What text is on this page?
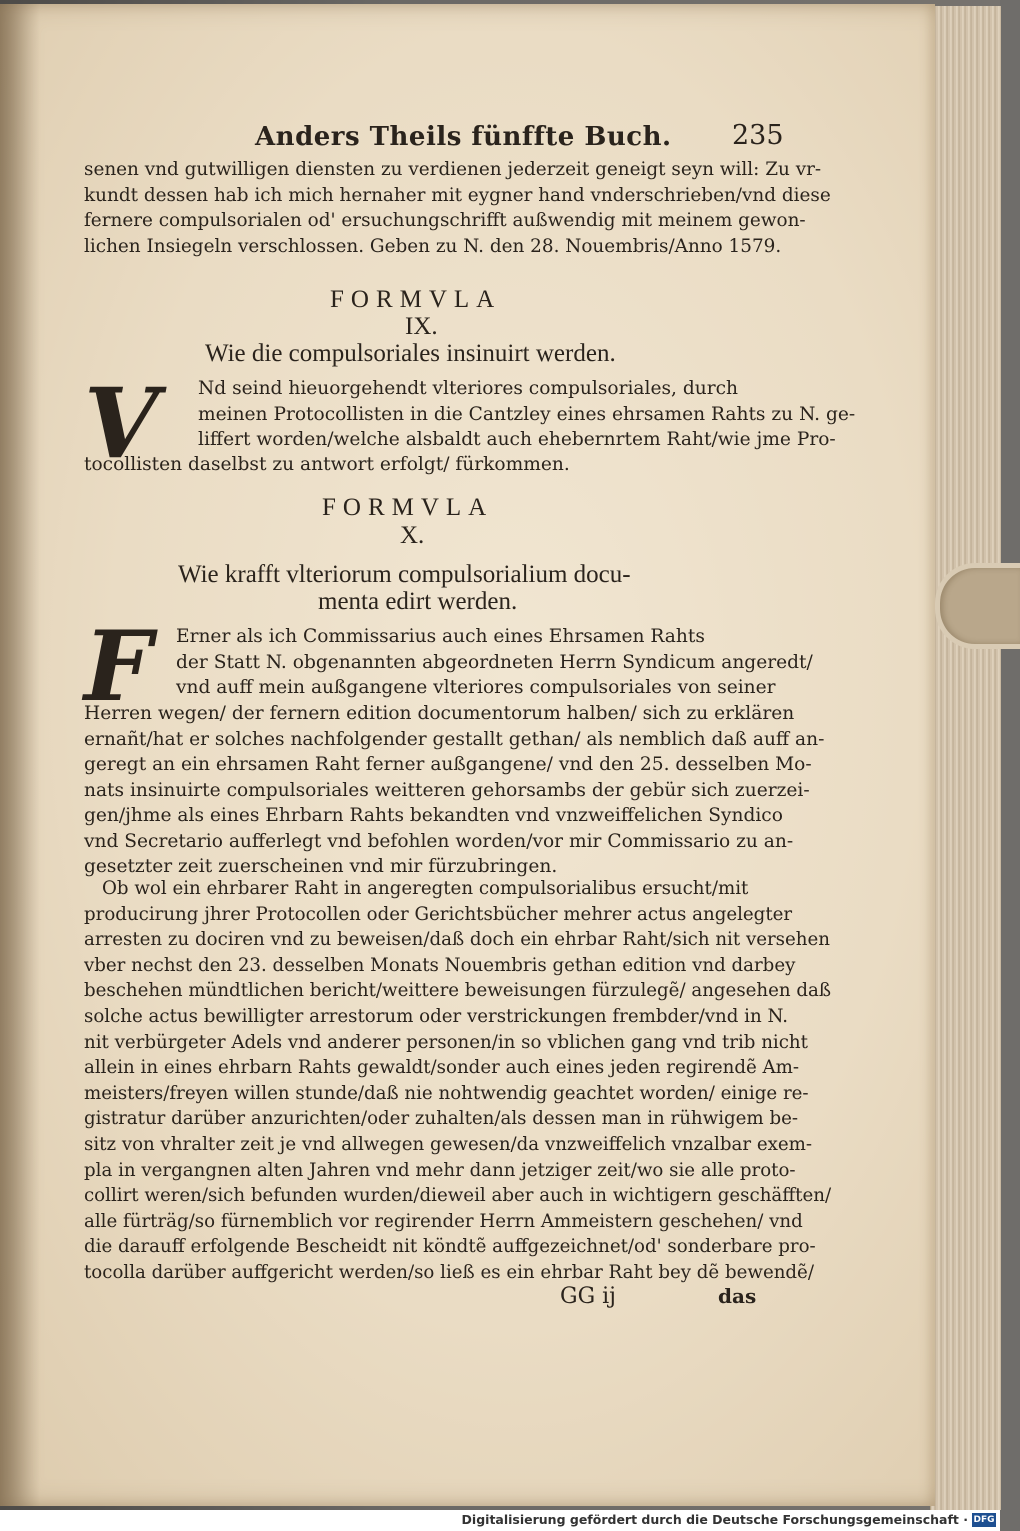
Anders Theils fünffte Buch.	235
senen vnd gutwilligen diensten zu verdienen jederzeit geneigt seyn will: Zu vr-
kundt dessen hab ich mich hernaher mit eygner hand vnderschrieben/vnd diese
fernere compulsorialen od' ersuchungschrifft außwendig mit meinem gewon-
lichen Insiegeln verschlossen. Geben zu N. den 28. Nouembris/Anno 1579.
FORMVLA
IX.
Wie die compulsoriales insinuirt werden.
V Nd seind hieuorgehendt vlteriores compulsoriales, durch
meinen Protocollisten in die Cantzley eines ehrsamen Rahts zu N. ge-
liffert worden/welche alsbaldt auch ehebernrtem Raht/wie jme Pro-
tocollisten daselbst zu antwort erfolgt/ fürkommen.
FORMVLA
X.
Wie krafft vlteriorum compulsorialium docu-
menta edirt werden.
F Erner als ich Commissarius auch eines Ehrsamen Rahts
der Statt N. obgenannten abgeordneten Herrn Syndicum angeredt/
vnd auff mein außgangene vlteriores compulsoriales von seiner
Herren wegen/ der fernern edition documentorum halben/ sich zu erklären
ernañt/hat er solches nachfolgender gestallt gethan/ als nemblich daß auff an-
geregt an ein ehrsamen Raht ferner außgangene/ vnd den 25. desselben Mo-
nats insinuirte compulsoriales weitteren gehorsambs der gebür sich zuerzei-
gen/jhme als eines Ehrbarn Rahts bekandten vnd vnzweiffelichen Syndico
vnd Secretario aufferlegt vnd befohlen worden/vor mir Commissario zu an-
gesetzter zeit zuerscheinen vnd mir fürzubringen.
Ob wol ein ehrbarer Raht in angeregten compulsorialibus ersucht/mit
producirung jhrer Protocollen oder Gerichtsbücher mehrer actus angelegter
arresten zu dociren vnd zu beweisen/daß doch ein ehrbar Raht/sich nit versehen
vber nechst den 23. desselben Monats Nouembris gethan edition vnd darbey
beschehen mündtlichen bericht/weittere beweisungen fürzulegẽ/ angesehen daß
solche actus bewilligter arrestorum oder verstrickungen frembder/vnd in N.
nit verbürgeter Adels vnd anderer personen/in so vblichen gang vnd trib nicht
allein in eines ehrbarn Rahts gewaldt/sonder auch eines jeden regirendẽ Am-
meisters/freyen willen stunde/daß nie nohtwendig geachtet worden/ einige re-
gistratur darüber anzurichten/oder zuhalten/als dessen man in rühwigem be-
sitz von vhralter zeit je vnd allwegen gewesen/da vnzweiffelich vnzalbar exem-
pla in vergangnen alten Jahren vnd mehr dann jetziger zeit/wo sie alle proto-
collirt weren/sich befunden wurden/dieweil aber auch in wichtigern geschäfften/
alle fürträg/so fürnemblich vor regirender Herrn Ammeistern geschehen/ vnd
die darauff erfolgende Bescheidt nit köndtẽ auffgezeichnet/od' sonderbare pro-
tocolla darüber auffgericht werden/so ließ es ein ehrbar Raht bey dẽ bewendẽ/
GG ij	das
Digitalisierung gefördert durch die Deutsche Forschungsgemeinschaft · DFG
